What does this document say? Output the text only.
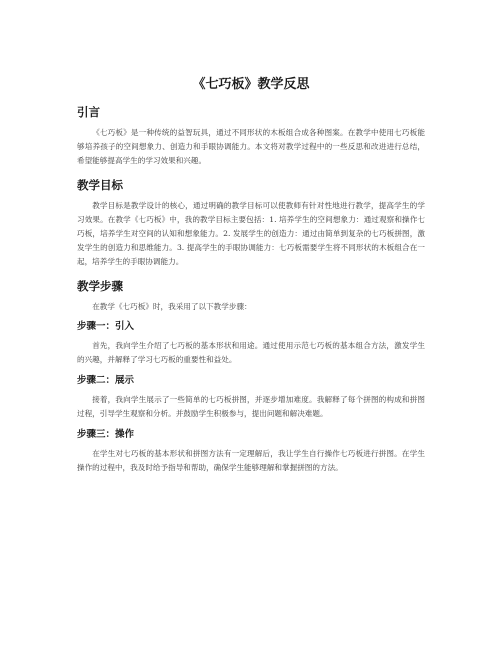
《七巧板》教学反思
引言

《七巧板》是一种传统的益智玩具，通过不同形状的木板组合成各种图案。在教学中使用七巧板能够培养孩子的空间想象力、创造力和手眼协调能力。本文将对教学过程中的一些反思和改进进行总结，希望能够提高学生的学习效果和兴趣。

教学目标

教学目标是教学设计的核心，通过明确的教学目标可以使教师有针对性地进行教学，提高学生的学习效果。在教学《七巧板》中，我的教学目标主要包括：1. 培养学生的空间想象力：通过观察和操作七巧板，培养学生对空间的认知和想象能力。2. 发展学生的创造力：通过由简单到复杂的七巧板拼图，激发学生的创造力和思维能力。3. 提高学生的手眼协调能力：七巧板需要学生将不同形状的木板组合在一起，培养学生的手眼协调能力。

教学步骤

在教学《七巧板》时，我采用了以下教学步骤：

步骤一：引入

首先，我向学生介绍了七巧板的基本形状和用途。通过使用示范七巧板的基本组合方法，激发学生的兴趣，并解释了学习七巧板的重要性和益处。

步骤二：展示

接着，我向学生展示了一些简单的七巧板拼图，并逐步增加难度。我解释了每个拼图的构成和拼图过程，引导学生观察和分析。并鼓励学生积极参与，提出问题和解决难题。

步骤三：操作

在学生对七巧板的基本形状和拼图方法有一定理解后，我让学生自行操作七巧板进行拼图。在学生操作的过程中，我及时给予指导和帮助，确保学生能够理解和掌握拼图的方法。
